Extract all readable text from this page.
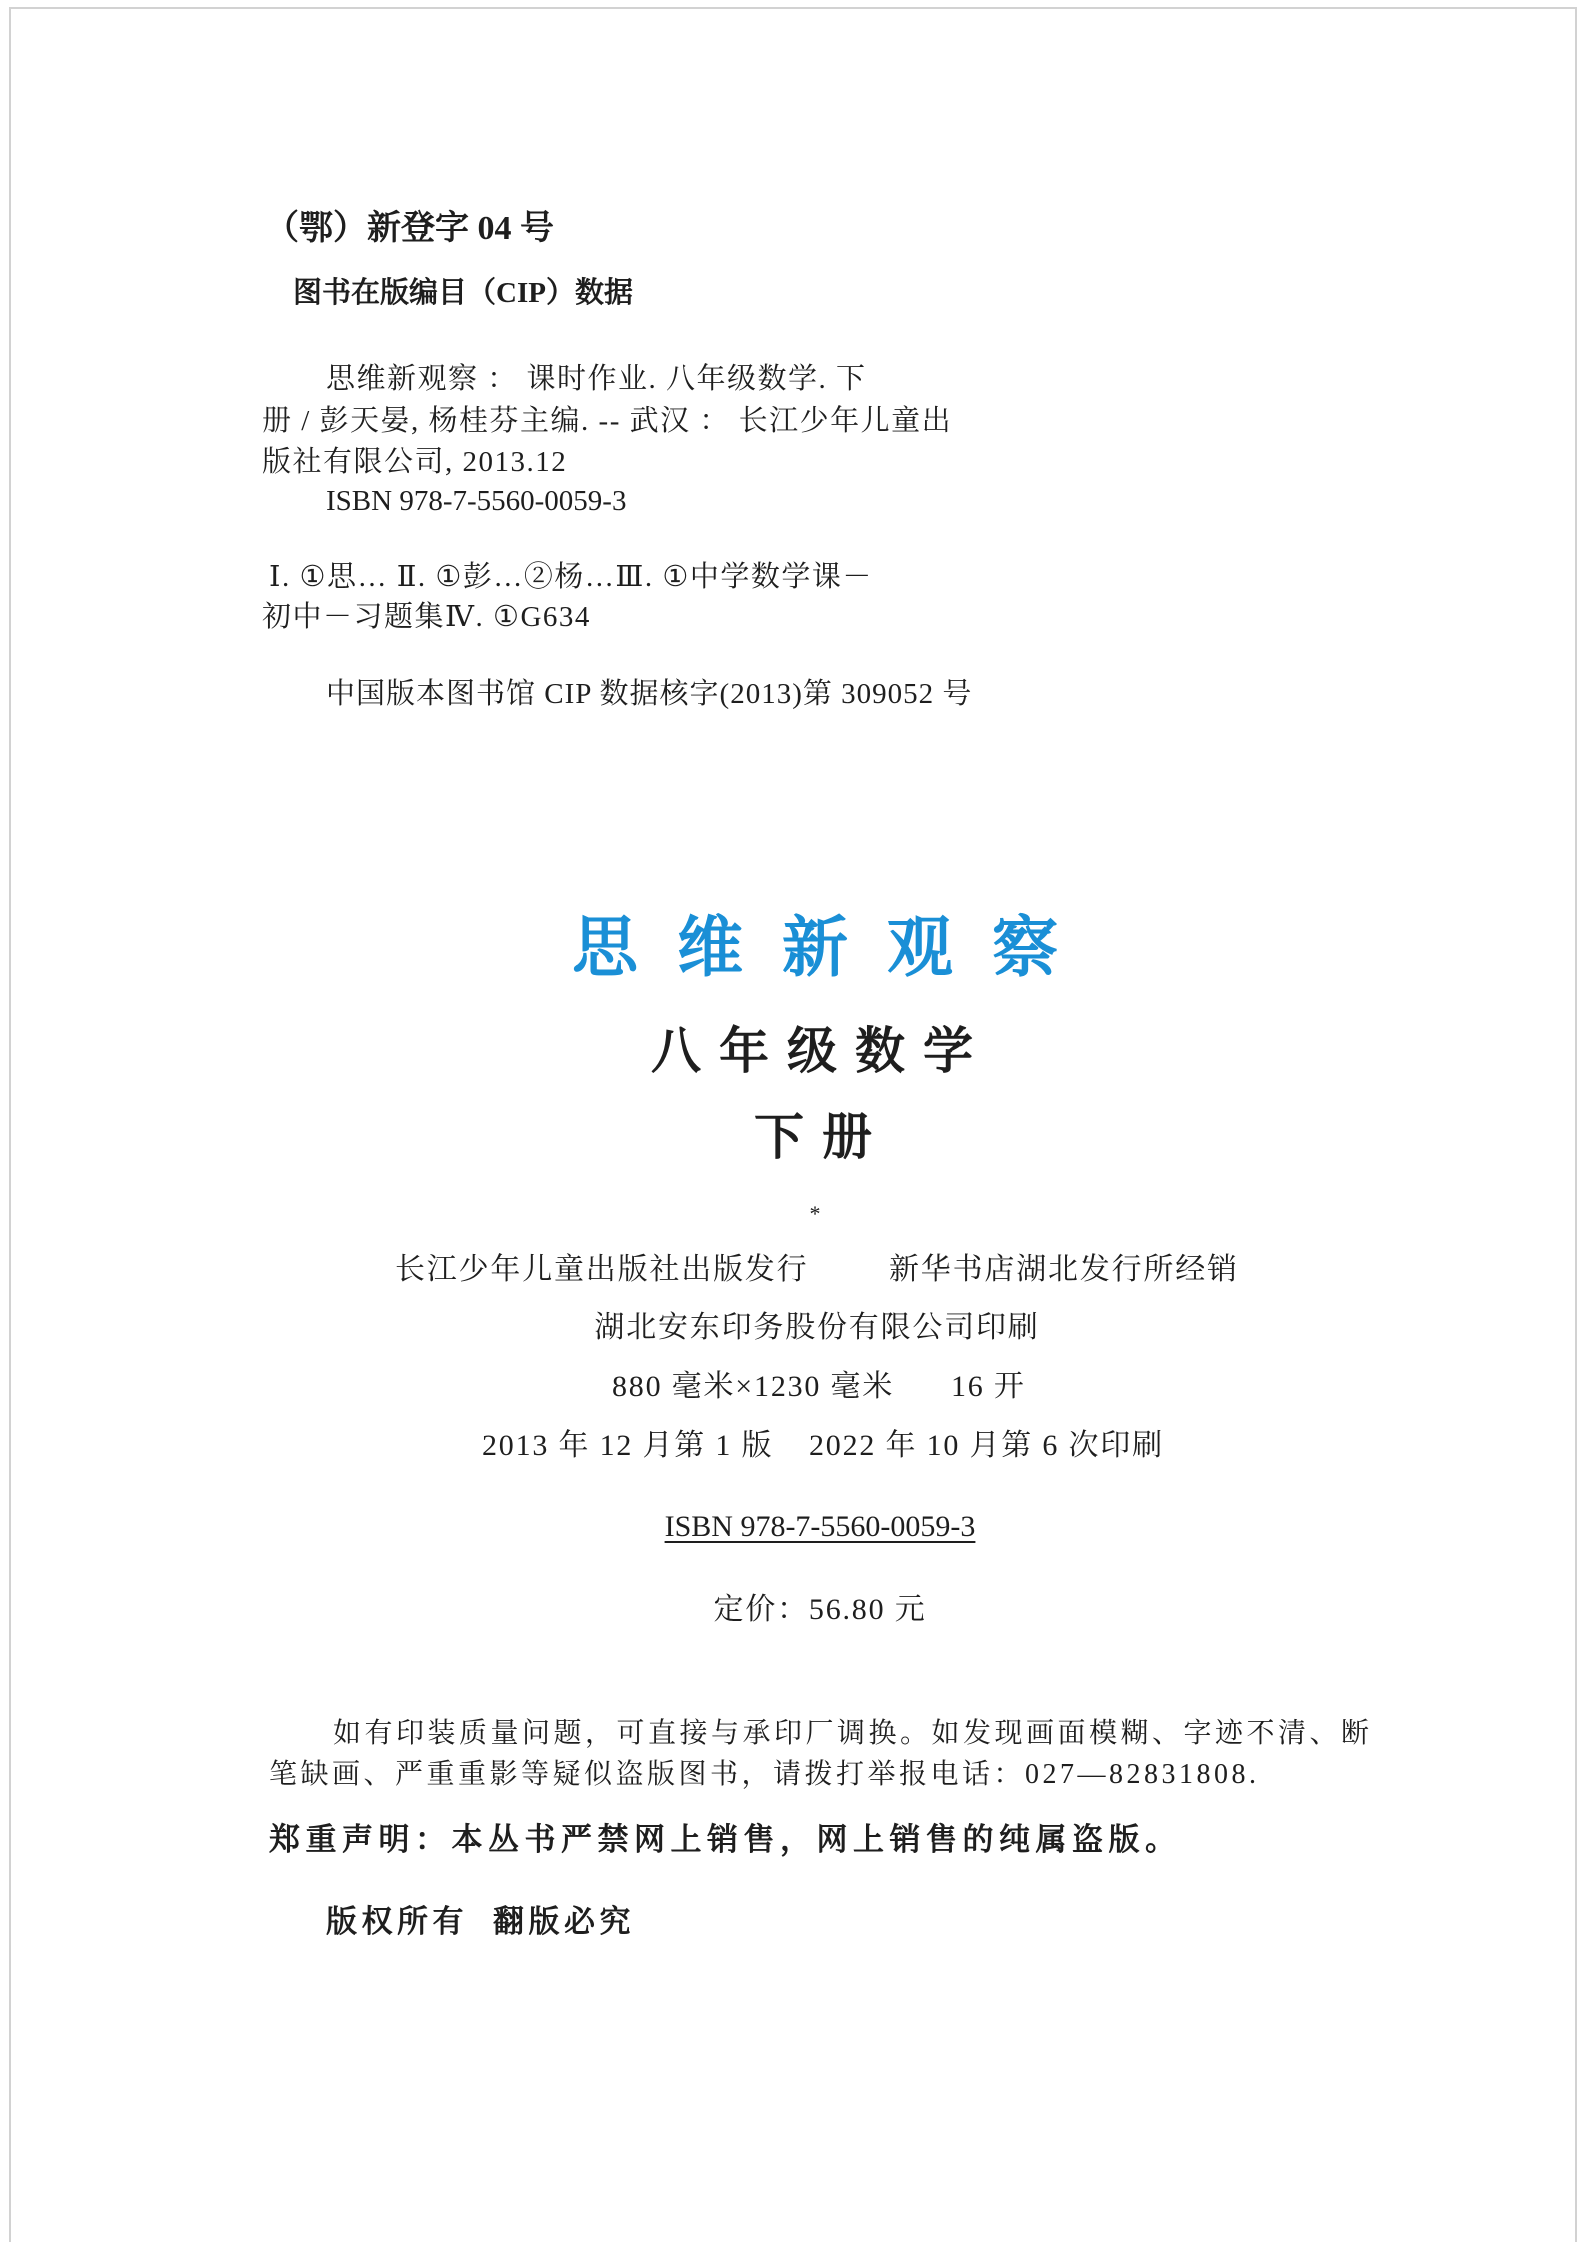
（鄂）新登字 04 号
图书在版编目（CIP）数据
思维新观察 ： 课时作业. 八年级数学. 下
册 / 彭天晏, 杨桂芬主编. -- 武汉 ： 长江少年儿童出
版社有限公司, 2013.12
ISBN 978-7-5560-0059-3
Ⅰ. ①思… Ⅱ. ①彭…②杨…Ⅲ. ①中学数学课－
初中－习题集Ⅳ. ①G634
中国版本图书馆 CIP 数据核字(2013)第 309052 号
思维新观察
八年级数学
下册
*
长江少年儿童出版社出版发行	新华书店湖北发行所经销
湖北安东印务股份有限公司印刷
880 毫米×1230 毫米 16 开
2013 年 12 月第 1 版 2022 年 10 月第 6 次印刷
ISBN 978-7-5560-0059-3
定价：56.80 元
如有印装质量问题，可直接与承印厂调换。如发现画面模糊、字迹不清、断
笔缺画、严重重影等疑似盗版图书，请拨打举报电话：027—82831808.
郑重声明：本丛书严禁网上销售，网上销售的纯属盗版。
版权所有 翻版必究
